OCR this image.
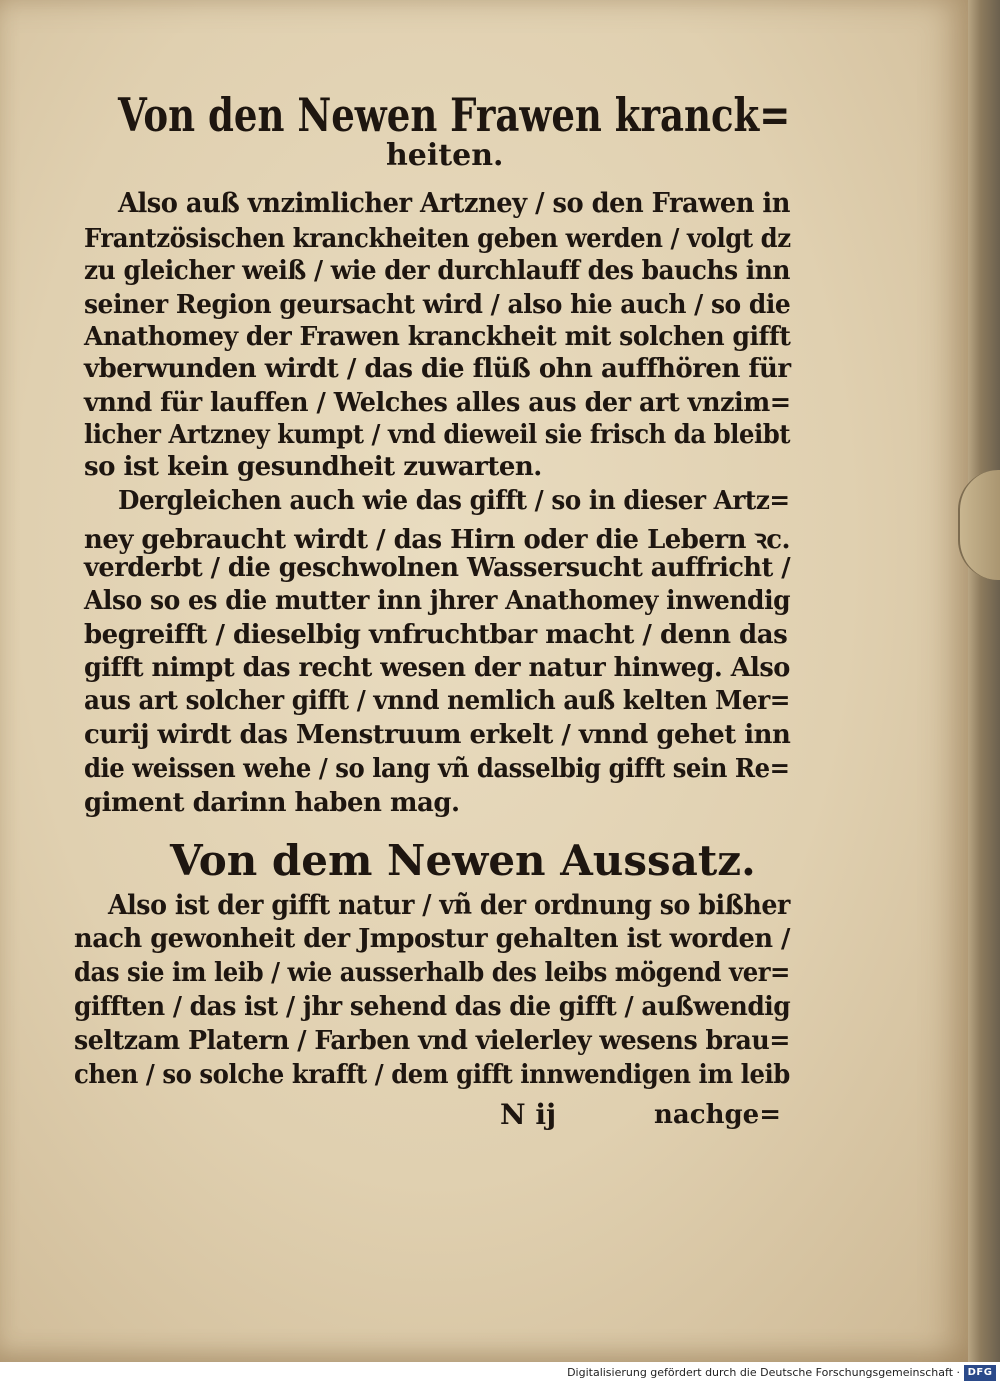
Von den Newen Frawen kranck=
heiten.
Also auß vnzimlicher Artzney / so den Frawen in
Frantzösischen kranckheiten geben werden / volgt dz
zu gleicher weiß / wie der durchlauff des bauchs inn
seiner Region geursacht wird / also hie auch / so die
Anathomey der Frawen kranckheit mit solchen gifft
vberwunden wirdt / das die flüß ohn auffhören für
vnnd für lauffen / Welches alles aus der art vnzim=
licher Artzney kumpt / vnd dieweil sie frisch da bleibt
so ist kein gesundheit zuwarten.
Dergleichen auch wie das gifft / so in dieser Artz=
ney gebraucht wirdt / das Hirn oder die Lebern ꝛc.
verderbt / die geschwolnen Wassersucht auffricht /
Also so es die mutter inn jhrer Anathomey inwendig
begreifft / dieselbig vnfruchtbar macht / denn das
gifft nimpt das recht wesen der natur hinweg. Also
aus art solcher gifft / vnnd nemlich auß kelten Mer=
curij wirdt das Menstruum erkelt / vnnd gehet inn
die weissen wehe / so lang vñ dasselbig gifft sein Re=
giment darinn haben mag.
Von dem Newen Aussatz.
Also ist der gifft natur / vñ der ordnung so bißher
nach gewonheit der Jmpostur gehalten ist worden /
das sie im leib / wie ausserhalb des leibs mögend ver=
gifften / das ist / jhr sehend das die gifft / außwendig
seltzam Platern / Farben vnd vielerley wesens brau=
chen / so solche krafft / dem gifft innwendigen im leib
N ij	nachge=
Digitalisierung gefördert durch die Deutsche Forschungsgemeinschaft · DFG
